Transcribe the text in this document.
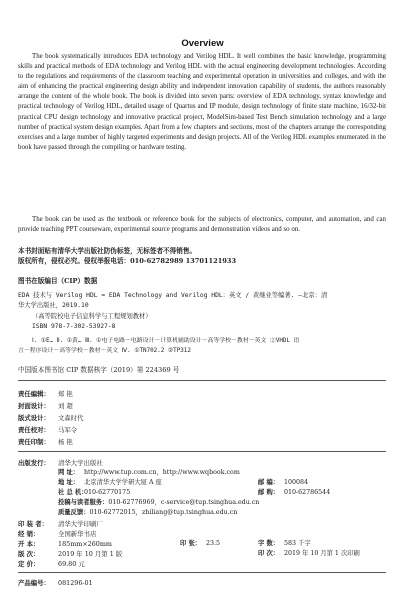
Overview

The book systematically introduces EDA technology and Verilog HDL. It well combines the basic knowledge, programming skills and practical methods of EDA technology and Verilog HDL with the actual engineering development technologies. According to the regulations and requirements of the classroom teaching and experimental operation in universities and colleges, and with the aim of enhancing the practical engineering design ability and independent innovation capability of students, the authors reasonably arrange the content of the whole book. The book is divided into seven parts: overview of EDA technology, syntax knowledge and practical technology of Verilog HDL, detailed usage of Quartus and IP module, design technology of finite state machine, 16/32-bit practical CPU design technology and innovative practical project, ModelSim-based Test Bench simulation technology and a large number of practical system design examples. Apart from a few chapters and sections, most of the chapters arrange the corresponding exercises and a large number of highly targeted experiments and design projects. All of the Verilog HDL examples enumerated in the book have passed through the compiling or hardware testing.

The book can be used as the textbook or reference book for the subjects of electronics, computer, and automation, and can provide teaching PPT courseware, experimental source programs and demonstration videos and so on.

本书封面贴有清华大学出版社防伪标签，无标签者不得销售。
版权所有，侵权必究。侵权举报电话：010-62782989 13701121933
图书在版编目（CIP）数据
EDA 技术与 Verilog HDL = EDA Technology and Verilog HDL：英文 / 黄继业等编著. —北京：清
华大学出版社，2019.10
（高等院校电子信息科学与工程规划教材）
ISBN 978-7-302-53927-8
Ⅰ. ①E… Ⅱ. ①黄… Ⅲ. ①电子电路－电路设计－计算机辅助设计－高等学校－教材－英文 ②VHDL 语
言－程序设计－高等学校－教材－英文 Ⅳ. ①TN702.2 ②TP312
中国版本图书馆 CIP 数据核字（2019）第 224369 号
责任编辑： 郑 艳
封面设计： 刘 超
版式设计： 文森时代
责任校对： 马军令
责任印制： 杨 艳
出版发行： 清华大学出版社
网 址： http://www.tup.com.cn，http://www.wqbook.com
地 址： 北京清华大学学研大厦 A 座	邮 编： 100084
社 总 机：010-62770175	邮 购： 010-62786544
投稿与读者服务：010-62776969，c-service@tup.tsinghua.edu.cn
质量反馈：010-62772015，zhiliang@tup.tsinghua.edu.cn
印 装 者： 清华大学印刷厂
经 销：	全国新华书店
开 本：	185mm×260mm	印 张： 23.5	字 数： 583 千字
版 次：	2019 年 10 月第 1 版	印 次： 2019 年 10 月第 1 次印刷
定 价：	69.80 元
产品编号： 081296-01
